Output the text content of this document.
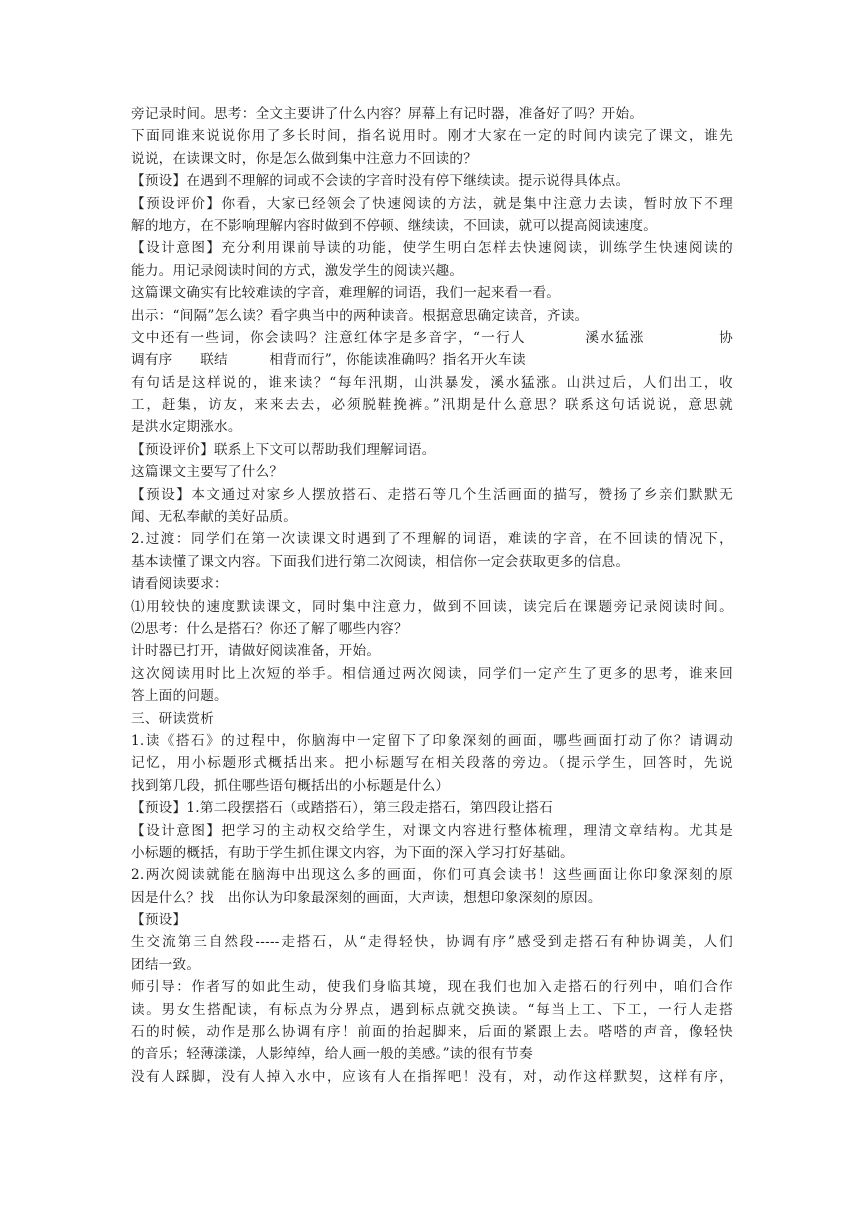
旁记录时间。思考：全文主要讲了什么内容？屏幕上有记时器，准备好了吗？开始。
下面同谁来说说你用了多长时间，指名说用时。刚才大家在一定的时间内读完了课文，谁先
说说，在读课文时，你是怎么做到集中注意力不回读的？
【预设】在遇到不理解的词或不会读的字音时没有停下继续读。提示说得具体点。
【预设评价】你看，大家已经领会了快速阅读的方法，就是集中注意力去读，暂时放下不理
解的地方，在不影响理解内容时做到不停顿、继续读，不回读，就可以提高阅读速度。
【设计意图】充分利用课前导读的功能，使学生明白怎样去快速阅读，训练学生快速阅读的
能力。用记录阅读时间的方式，激发学生的阅读兴趣。
这篇课文确实有比较难读的字音，难理解的词语，我们一起来看一看。
出示：“间隔”怎么读？看字典当中的两种读音。根据意思确定读音，齐读。
文中还有一些词，你会读吗？注意红体字是多音字，“一行人　　　　溪水猛涨　　　　　协
调有序　　联结　　　相背而行”，你能读准确吗？指名开火车读
有句话是这样说的，谁来读？“每年汛期，山洪暴发，溪水猛涨。山洪过后，人们出工，收
工，赶集，访友，来来去去，必须脱鞋挽裤。”汛期是什么意思？联系这句话说说，意思就
是洪水定期涨水。
【预设评价】联系上下文可以帮助我们理解词语。
这篇课文主要写了什么？
【预设】本文通过对家乡人摆放搭石、走搭石等几个生活画面的描写，赞扬了乡亲们默默无
闻、无私奉献的美好品质。
2.过渡：同学们在第一次读课文时遇到了不理解的词语，难读的字音，在不回读的情况下，
基本读懂了课文内容。下面我们进行第二次阅读，相信你一定会获取更多的信息。
请看阅读要求：
⑴用较快的速度默读课文，同时集中注意力，做到不回读，读完后在课题旁记录阅读时间。
⑵思考：什么是搭石？你还了解了哪些内容？
计时器已打开，请做好阅读准备，开始。
这次阅读用时比上次短的举手。相信通过两次阅读，同学们一定产生了更多的思考，谁来回
答上面的问题。
三、研读赏析
1.读《搭石》的过程中，你脑海中一定留下了印象深刻的画面，哪些画面打动了你？请调动
记忆，用小标题形式概括出来。把小标题写在相关段落的旁边。（提示学生，回答时，先说
找到第几段，抓住哪些语句概括出的小标题是什么）
【预设】1.第二段摆搭石（或踏搭石），第三段走搭石，第四段让搭石
【设计意图】把学习的主动权交给学生，对课文内容进行整体梳理，理清文章结构。尤其是
小标题的概括，有助于学生抓住课文内容，为下面的深入学习打好基础。
2.两次阅读就能在脑海中出现这么多的画面，你们可真会读书！这些画面让你印象深刻的原
因是什么？找　出你认为印象最深刻的画面，大声读，想想印象深刻的原因。
【预设】
生交流第三自然段-----走搭石，从“走得轻快，协调有序”感受到走搭石有种协调美，人们
团结一致。
师引导：作者写的如此生动，使我们身临其境，现在我们也加入走搭石的行列中，咱们合作
读。男女生搭配读，有标点为分界点，遇到标点就交换读。“每当上工、下工，一行人走搭
石的时候，动作是那么协调有序！前面的抬起脚来，后面的紧跟上去。嗒嗒的声音，像轻快
的音乐；轻薄漾漾，人影绰绰，给人画一般的美感。”读的很有节奏
没有人踩脚，没有人掉入水中，应该有人在指挥吧！没有，对，动作这样默契，这样有序，
